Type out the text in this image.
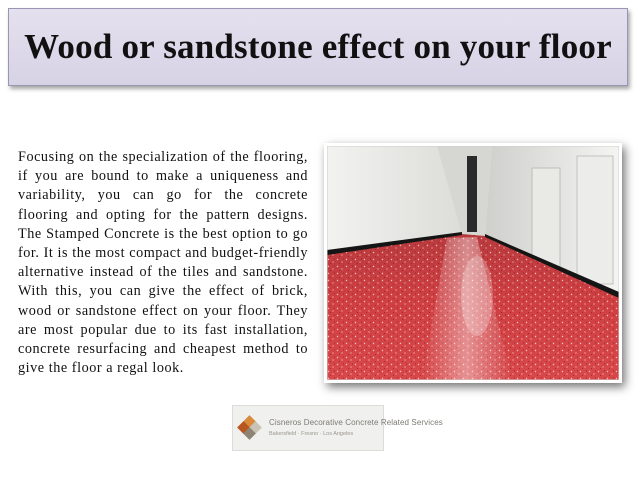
Wood or sandstone effect on your floor

Focusing on the specialization of the flooring, if you are bound to make a uniqueness and variability, you can go for the concrete flooring and opting for the pattern designs. The Stamped Concrete is the best option to go for. It is the most compact and budget-friendly alternative instead of the tiles and sandstone. With this, you can give the effect of brick, wood or sandstone effect on your floor. They are most popular due to its fast installation, concrete resurfacing and cheapest method to give the floor a regal look.

Cisneros Decorative Concrete Related Services
Bakersfield · Fresno · Los Angeles
